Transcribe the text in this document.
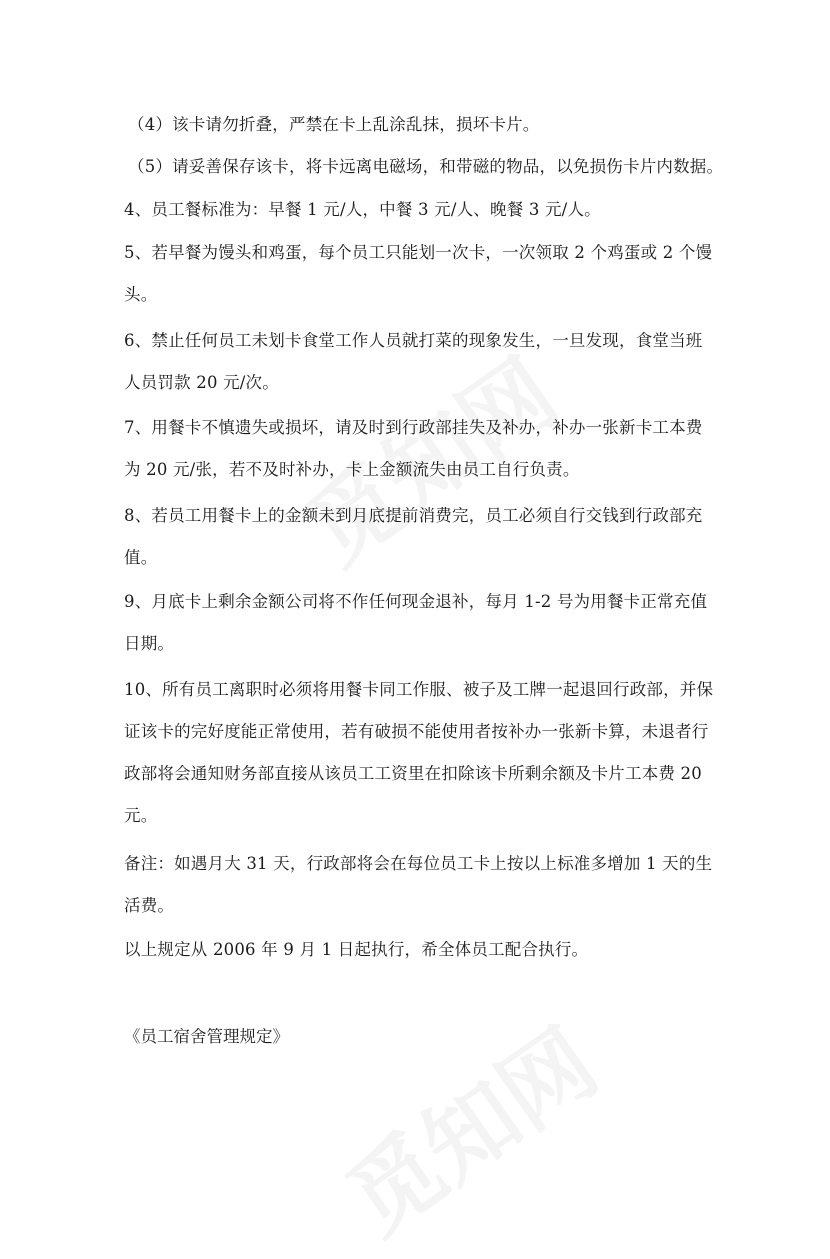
（4）该卡请勿折叠，严禁在卡上乱涂乱抹，损坏卡片。

（5）请妥善保存该卡，将卡远离电磁场，和带磁的物品，以免损伤卡片内数据。

4、员工餐标准为：早餐 1 元/人，中餐 3 元/人、晚餐 3 元/人。

5、若早餐为馒头和鸡蛋，每个员工只能划一次卡，一次领取 2 个鸡蛋或 2 个馒头。

6、禁止任何员工未划卡食堂工作人员就打菜的现象发生，一旦发现，食堂当班人员罚款 20 元/次。

7、用餐卡不慎遗失或损坏，请及时到行政部挂失及补办，补办一张新卡工本费为 20 元/张，若不及时补办，卡上金额流失由员工自行负责。

8、若员工用餐卡上的金额未到月底提前消费完，员工必须自行交钱到行政部充值。

9、月底卡上剩余金额公司将不作任何现金退补，每月 1-2 号为用餐卡正常充值日期。

10、所有员工离职时必须将用餐卡同工作服、被子及工牌一起退回行政部，并保证该卡的完好度能正常使用，若有破损不能使用者按补办一张新卡算，未退者行政部将会通知财务部直接从该员工工资里在扣除该卡所剩余额及卡片工本费 20 元。

备注：如遇月大 31 天，行政部将会在每位员工卡上按以上标准多增加 1 天的生活费。

以上规定从 2006 年 9 月 1 日起执行，希全体员工配合执行。

《员工宿舍管理规定》
